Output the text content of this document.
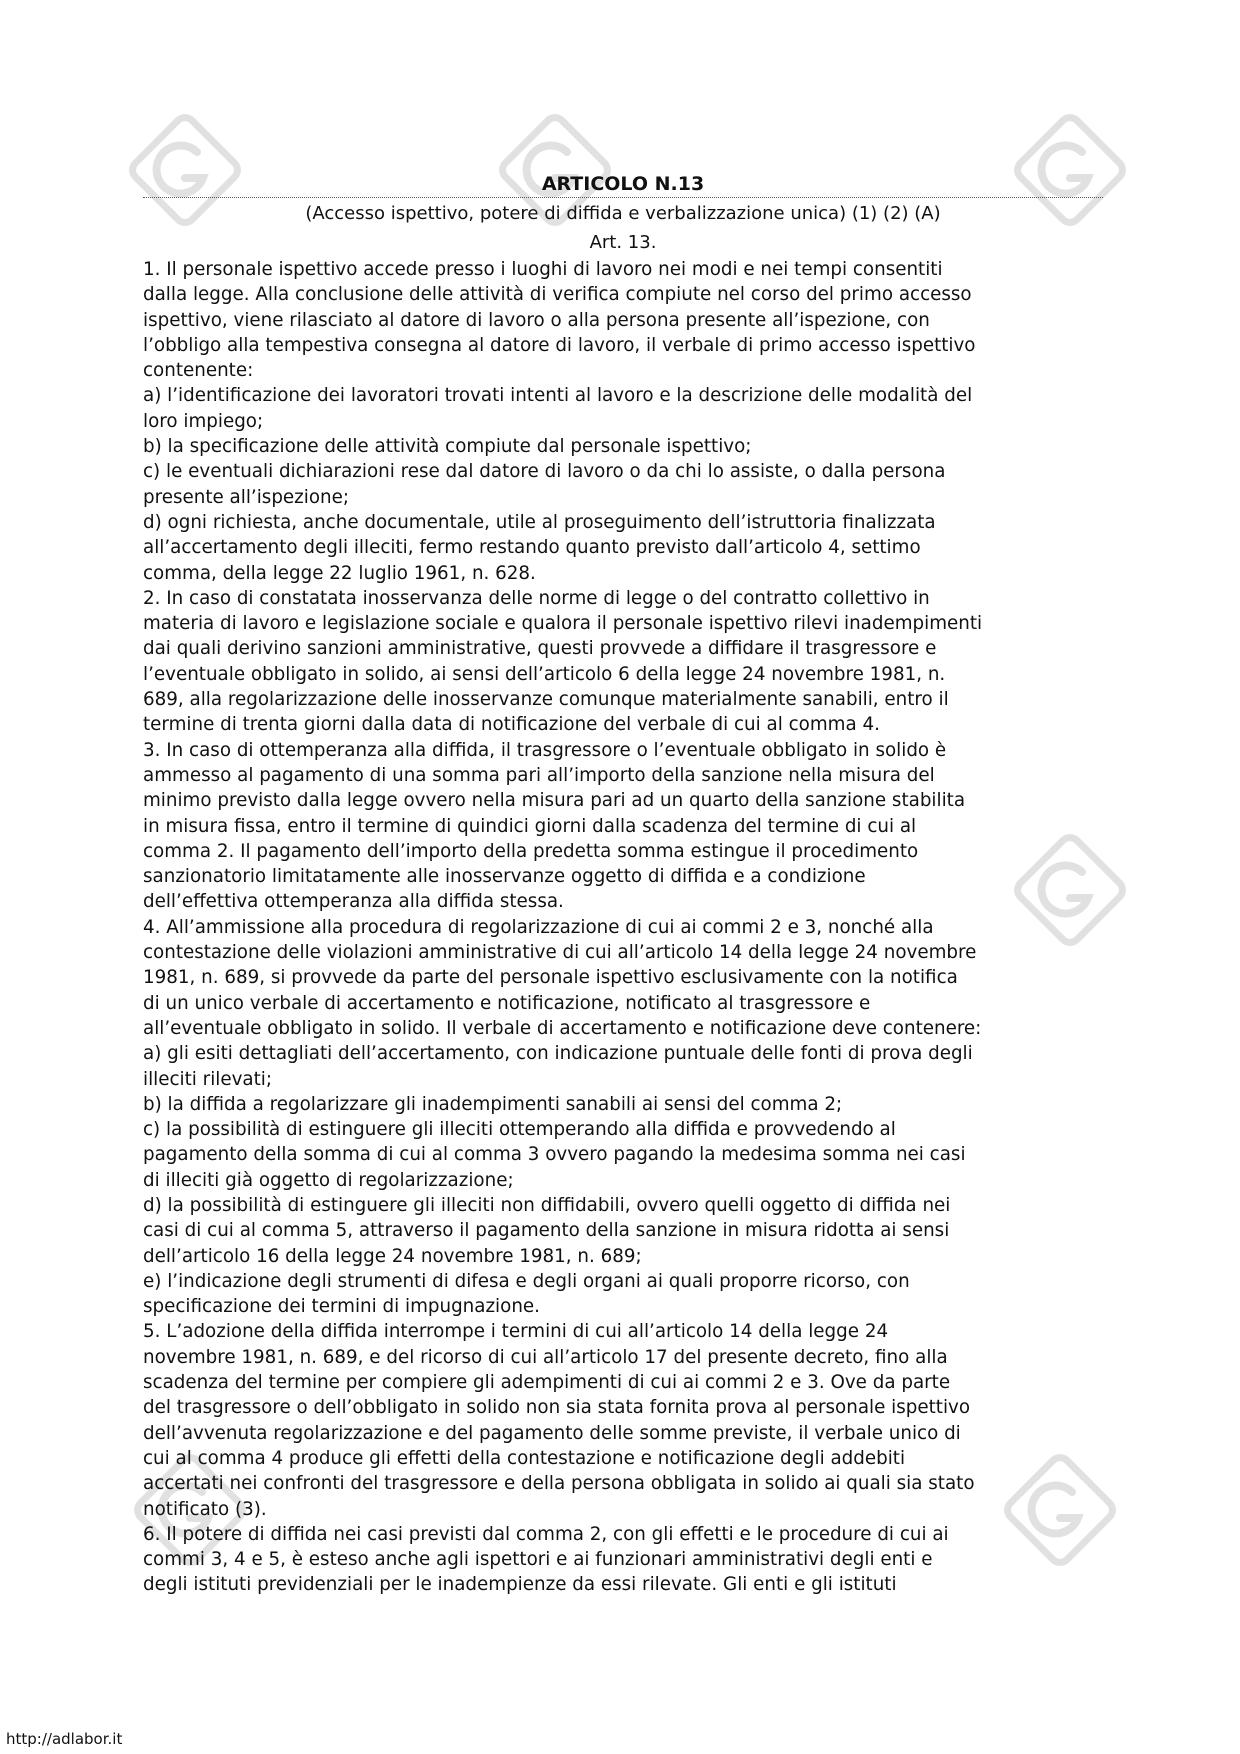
ARTICOLO N.13
(Accesso ispettivo, potere di diffida e verbalizzazione unica) (1) (2) (A)
Art. 13.
1. Il personale ispettivo accede presso i luoghi di lavoro nei modi e nei tempi consentiti
dalla legge. Alla conclusione delle attività di verifica compiute nel corso del primo accesso
ispettivo, viene rilasciato al datore di lavoro o alla persona presente all’ispezione, con
l’obbligo alla tempestiva consegna al datore di lavoro, il verbale di primo accesso ispettivo
contenente:
a) l’identificazione dei lavoratori trovati intenti al lavoro e la descrizione delle modalità del
loro impiego;
b) la specificazione delle attività compiute dal personale ispettivo;
c) le eventuali dichiarazioni rese dal datore di lavoro o da chi lo assiste, o dalla persona
presente all’ispezione;
d) ogni richiesta, anche documentale, utile al proseguimento dell’istruttoria finalizzata
all’accertamento degli illeciti, fermo restando quanto previsto dall’articolo 4, settimo
comma, della legge 22 luglio 1961, n. 628.
2. In caso di constatata inosservanza delle norme di legge o del contratto collettivo in
materia di lavoro e legislazione sociale e qualora il personale ispettivo rilevi inadempimenti
dai quali derivino sanzioni amministrative, questi provvede a diffidare il trasgressore e
l’eventuale obbligato in solido, ai sensi dell’articolo 6 della legge 24 novembre 1981, n.
689, alla regolarizzazione delle inosservanze comunque materialmente sanabili, entro il
termine di trenta giorni dalla data di notificazione del verbale di cui al comma 4.
3. In caso di ottemperanza alla diffida, il trasgressore o l’eventuale obbligato in solido è
ammesso al pagamento di una somma pari all’importo della sanzione nella misura del
minimo previsto dalla legge ovvero nella misura pari ad un quarto della sanzione stabilita
in misura fissa, entro il termine di quindici giorni dalla scadenza del termine di cui al
comma 2. Il pagamento dell’importo della predetta somma estingue il procedimento
sanzionatorio limitatamente alle inosservanze oggetto di diffida e a condizione
dell’effettiva ottemperanza alla diffida stessa.
4. All’ammissione alla procedura di regolarizzazione di cui ai commi 2 e 3, nonché alla
contestazione delle violazioni amministrative di cui all’articolo 14 della legge 24 novembre
1981, n. 689, si provvede da parte del personale ispettivo esclusivamente con la notifica
di un unico verbale di accertamento e notificazione, notificato al trasgressore e
all’eventuale obbligato in solido. Il verbale di accertamento e notificazione deve contenere:
a) gli esiti dettagliati dell’accertamento, con indicazione puntuale delle fonti di prova degli
illeciti rilevati;
b) la diffida a regolarizzare gli inadempimenti sanabili ai sensi del comma 2;
c) la possibilità di estinguere gli illeciti ottemperando alla diffida e provvedendo al
pagamento della somma di cui al comma 3 ovvero pagando la medesima somma nei casi
di illeciti già oggetto di regolarizzazione;
d) la possibilità di estinguere gli illeciti non diffidabili, ovvero quelli oggetto di diffida nei
casi di cui al comma 5, attraverso il pagamento della sanzione in misura ridotta ai sensi
dell’articolo 16 della legge 24 novembre 1981, n. 689;
e) l’indicazione degli strumenti di difesa e degli organi ai quali proporre ricorso, con
specificazione dei termini di impugnazione.
5. L’adozione della diffida interrompe i termini di cui all’articolo 14 della legge 24
novembre 1981, n. 689, e del ricorso di cui all’articolo 17 del presente decreto, fino alla
scadenza del termine per compiere gli adempimenti di cui ai commi 2 e 3. Ove da parte
del trasgressore o dell’obbligato in solido non sia stata fornita prova al personale ispettivo
dell’avvenuta regolarizzazione e del pagamento delle somme previste, il verbale unico di
cui al comma 4 produce gli effetti della contestazione e notificazione degli addebiti
accertati nei confronti del trasgressore e della persona obbligata in solido ai quali sia stato
notificato (3).
6. Il potere di diffida nei casi previsti dal comma 2, con gli effetti e le procedure di cui ai
commi 3, 4 e 5, è esteso anche agli ispettori e ai funzionari amministrativi degli enti e
degli istituti previdenziali per le inadempienze da essi rilevate. Gli enti e gli istituti
http://adlabor.it
